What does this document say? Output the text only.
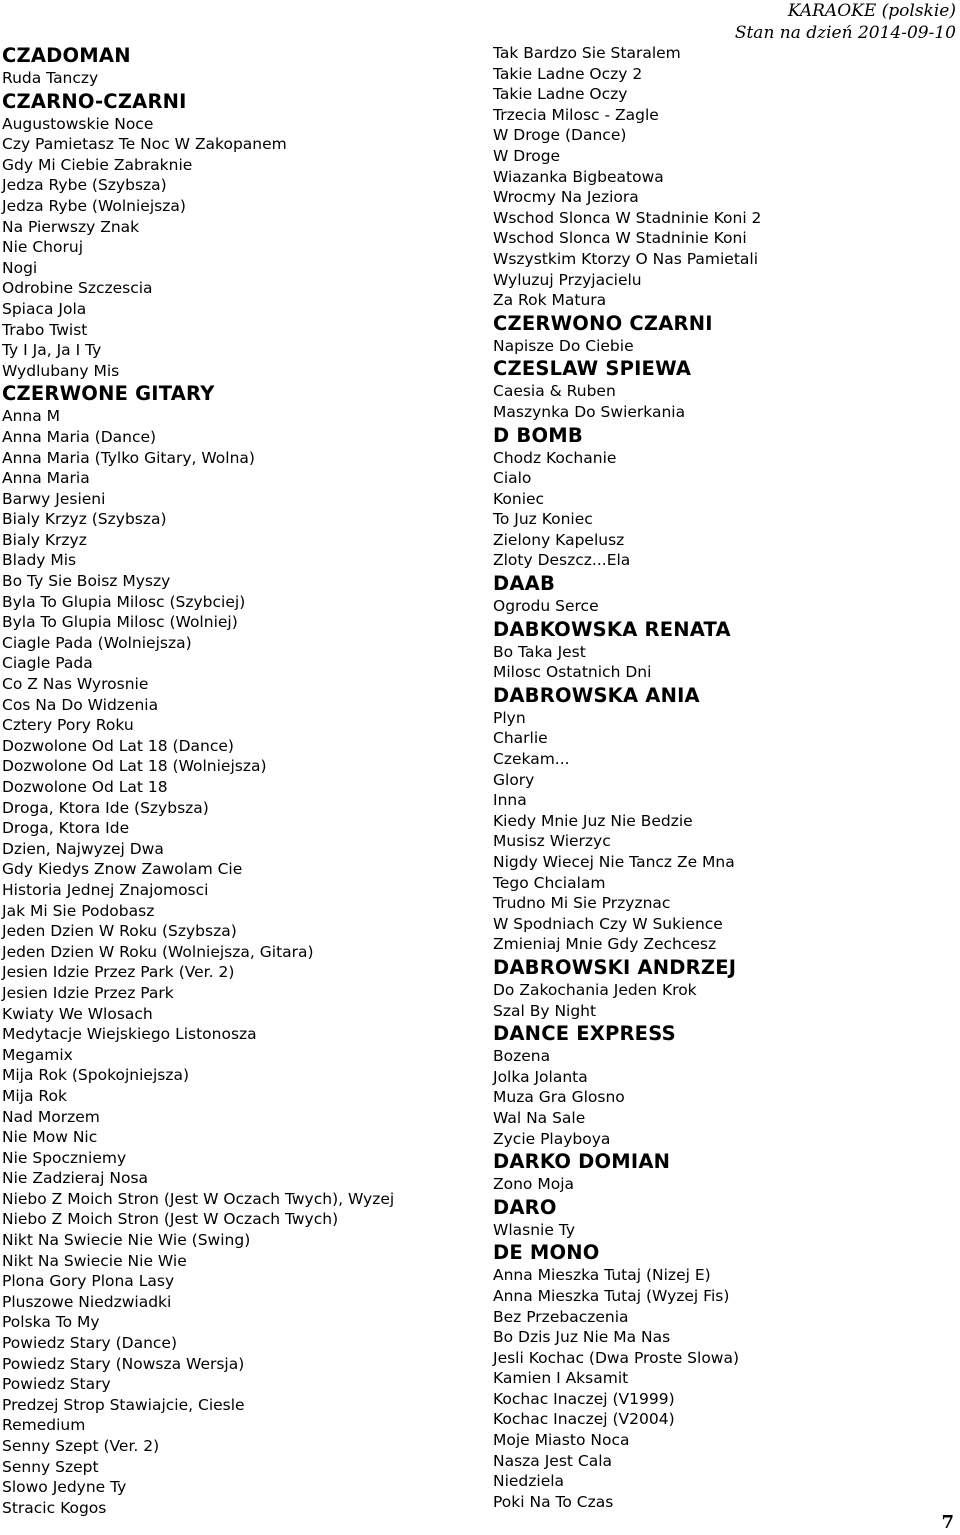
KARAOKE (polskie)
Stan na dzień 2014-09-10
CZADOMAN
Ruda Tanczy
CZARNO-CZARNI
Augustowskie Noce
Czy Pamietasz Te Noc W Zakopanem
Gdy Mi Ciebie Zabraknie
Jedza Rybe (Szybsza)
Jedza Rybe (Wolniejsza)
Na Pierwszy Znak
Nie Choruj
Nogi
Odrobine Szczescia
Spiaca Jola
Trabo Twist
Ty I Ja, Ja I Ty
Wydlubany Mis
CZERWONE GITARY
Anna M
Anna Maria (Dance)
Anna Maria (Tylko Gitary, Wolna)
Anna Maria
Barwy Jesieni
Bialy Krzyz (Szybsza)
Bialy Krzyz
Blady Mis
Bo Ty Sie Boisz Myszy
Byla To Glupia Milosc (Szybciej)
Byla To Glupia Milosc (Wolniej)
Ciagle Pada (Wolniejsza)
Ciagle Pada
Co Z Nas Wyrosnie
Cos Na Do Widzenia
Cztery Pory Roku
Dozwolone Od Lat 18 (Dance)
Dozwolone Od Lat 18 (Wolniejsza)
Dozwolone Od Lat 18
Droga, Ktora Ide (Szybsza)
Droga, Ktora Ide
Dzien, Najwyzej Dwa
Gdy Kiedys Znow Zawolam Cie
Historia Jednej Znajomosci
Jak Mi Sie Podobasz
Jeden Dzien W Roku (Szybsza)
Jeden Dzien W Roku (Wolniejsza, Gitara)
Jesien Idzie Przez Park (Ver. 2)
Jesien Idzie Przez Park
Kwiaty We Wlosach
Medytacje Wiejskiego Listonosza
Megamix
Mija Rok (Spokojniejsza)
Mija Rok
Nad Morzem
Nie Mow Nic
Nie Spoczniemy
Nie Zadzieraj Nosa
Niebo Z Moich Stron (Jest W Oczach Twych), Wyzej
Niebo Z Moich Stron (Jest W Oczach Twych)
Nikt Na Swiecie Nie Wie (Swing)
Nikt Na Swiecie Nie Wie
Plona Gory Plona Lasy
Pluszowe Niedzwiadki
Polska To My
Powiedz Stary (Dance)
Powiedz Stary (Nowsza Wersja)
Powiedz Stary
Predzej Strop Stawiajcie, Ciesle
Remedium
Senny Szept (Ver. 2)
Senny Szept
Slowo Jedyne Ty
Stracic Kogos
Tak Bardzo Sie Staralem
Takie Ladne Oczy 2
Takie Ladne Oczy
Trzecia Milosc - Zagle
W Droge (Dance)
W Droge
Wiazanka Bigbeatowa
Wrocmy Na Jeziora
Wschod Slonca W Stadninie Koni 2
Wschod Slonca W Stadninie Koni
Wszystkim Ktorzy O Nas Pamietali
Wyluzuj Przyjacielu
Za Rok Matura
CZERWONO CZARNI
Napisze Do Ciebie
CZESLAW SPIEWA
Caesia & Ruben
Maszynka Do Swierkania
D BOMB
Chodz Kochanie
Cialo
Koniec
To Juz Koniec
Zielony Kapelusz
Zloty Deszcz...Ela
DAAB
Ogrodu Serce
DABKOWSKA RENATA
Bo Taka Jest
Milosc Ostatnich Dni
DABROWSKA ANIA
Plyn
Charlie
Czekam...
Glory
Inna
Kiedy Mnie Juz Nie Bedzie
Musisz Wierzyc
Nigdy Wiecej Nie Tancz Ze Mna
Tego Chcialam
Trudno Mi Sie Przyznac
W Spodniach Czy W Sukience
Zmieniaj Mnie Gdy Zechcesz
DABROWSKI ANDRZEJ
Do Zakochania Jeden Krok
Szal By Night
DANCE EXPRESS
Bozena
Jolka Jolanta
Muza Gra Glosno
Wal Na Sale
Zycie Playboya
DARKO DOMIAN
Zono Moja
DARO
Wlasnie Ty
DE MONO
Anna Mieszka Tutaj (Nizej E)
Anna Mieszka Tutaj (Wyzej Fis)
Bez Przebaczenia
Bo Dzis Juz Nie Ma Nas
Jesli Kochac (Dwa Proste Slowa)
Kamien I Aksamit
Kochac Inaczej (V1999)
Kochac Inaczej (V2004)
Moje Miasto Noca
Nasza Jest Cala
Niedziela
Poki Na To Czas
7
